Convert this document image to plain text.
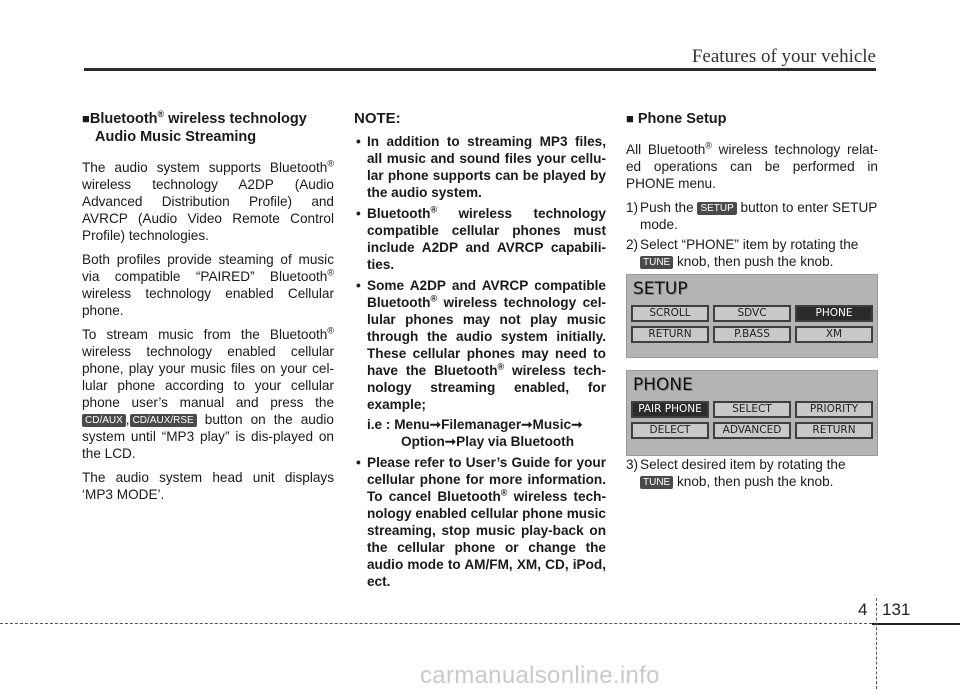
Features of your vehicle
■Bluetooth® wireless technology
Audio Music Streaming

The audio system supports Bluetooth® wireless technology A2DP (Audio Advanced Distribution Profile) and AVRCP (Audio Video Remote Control Profile) technologies.

Both profiles provide steaming of music via compatible “PAIRED” Bluetooth® wireless technology enabled Cellular phone.

To stream music from the Bluetooth® wireless technology enabled cellular phone, play your music files on your cel-lular phone according to your cellular phone user’s manual and press the CD/AUX , CD/AUX/RSE button on the audio system until “MP3 play” is dis-played on the LCD.

The audio system head unit displays ‘MP3 MODE’.

NOTE:
• In addition to streaming MP3 files, all music and sound files your cellu-lar phone supports can be played by the audio system.
• Bluetooth® wireless technology compatible cellular phones must include A2DP and AVRCP capabili-ties.
• Some A2DP and AVRCP compatible Bluetooth® wireless technology cel-lular phones may not play music through the audio system initially. These cellular phones may need to have the Bluetooth® wireless tech-nology streaming enabled, for example;
i.e : Menu➞Filemanager➞Music➞
Option➞Play via Bluetooth
• Please refer to User’s Guide for your cellular phone for more information. To cancel Bluetooth® wireless tech-nology enabled cellular phone music streaming, stop music play-back on the cellular phone or change the audio mode to AM/FM, XM, CD, iPod, ect.
■ Phone Setup

All Bluetooth® wireless technology relat-ed operations can be performed in PHONE menu.

1) Push the SETUP button to enter SETUP mode.
2) Select “PHONE” item by rotating the TUNE knob, then push the knob.
SETUP
SCROLL	SDVC	PHONE
RETURN	P.BASS	XM
PHONE
PAIR PHONE	SELECT	PRIORITY
DELECT	ADVANCED	RETURN
3) Select desired item by rotating the TUNE knob, then push the knob.
4 131
carmanualsonline.info
